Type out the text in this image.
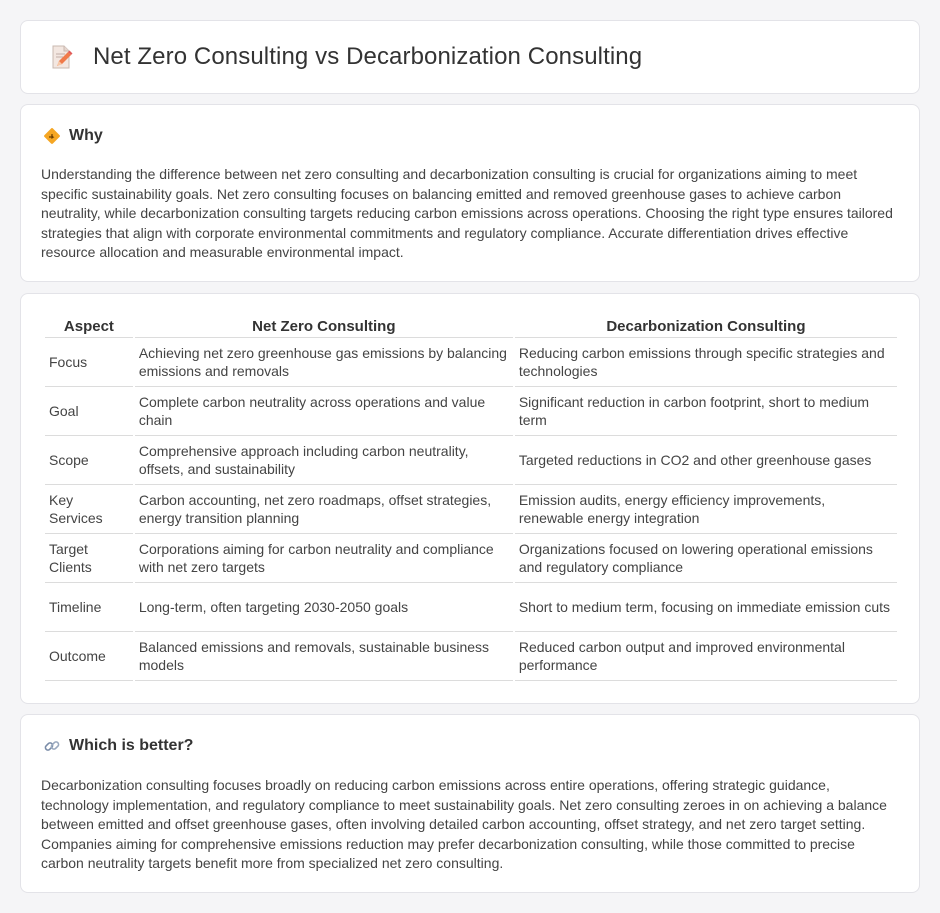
Net Zero Consulting vs Decarbonization Consulting
Why

Understanding the difference between net zero consulting and decarbonization consulting is crucial for organizations aiming to meet specific sustainability goals. Net zero consulting focuses on balancing emitted and removed greenhouse gases to achieve carbon neutrality, while decarbonization consulting targets reducing carbon emissions across operations. Choosing the right type ensures tailored strategies that align with corporate environmental commitments and regulatory compliance. Accurate differentiation drives effective resource allocation and measurable environmental impact.

Aspect	Net Zero Consulting	Decarbonization Consulting
Focus	Achieving net zero greenhouse gas emissions by balancing emissions and removals	Reducing carbon emissions through specific strategies and technologies
Goal	Complete carbon neutrality across operations and value chain	Significant reduction in carbon footprint, short to medium term
Scope	Comprehensive approach including carbon neutrality, offsets, and sustainability	Targeted reductions in CO2 and other greenhouse gases
Key Services	Carbon accounting, net zero roadmaps, offset strategies, energy transition planning	Emission audits, energy efficiency improvements, renewable energy integration
Target Clients	Corporations aiming for carbon neutrality and compliance with net zero targets	Organizations focused on lowering operational emissions and regulatory compliance
Timeline	Long-term, often targeting 2030-2050 goals	Short to medium term, focusing on immediate emission cuts
Outcome	Balanced emissions and removals, sustainable business models	Reduced carbon output and improved environmental performance
Which is better?

Decarbonization consulting focuses broadly on reducing carbon emissions across entire operations, offering strategic guidance, technology implementation, and regulatory compliance to meet sustainability goals. Net zero consulting zeroes in on achieving a balance between emitted and offset greenhouse gases, often involving detailed carbon accounting, offset strategy, and net zero target setting. Companies aiming for comprehensive emissions reduction may prefer decarbonization consulting, while those committed to precise carbon neutrality targets benefit more from specialized net zero consulting.
